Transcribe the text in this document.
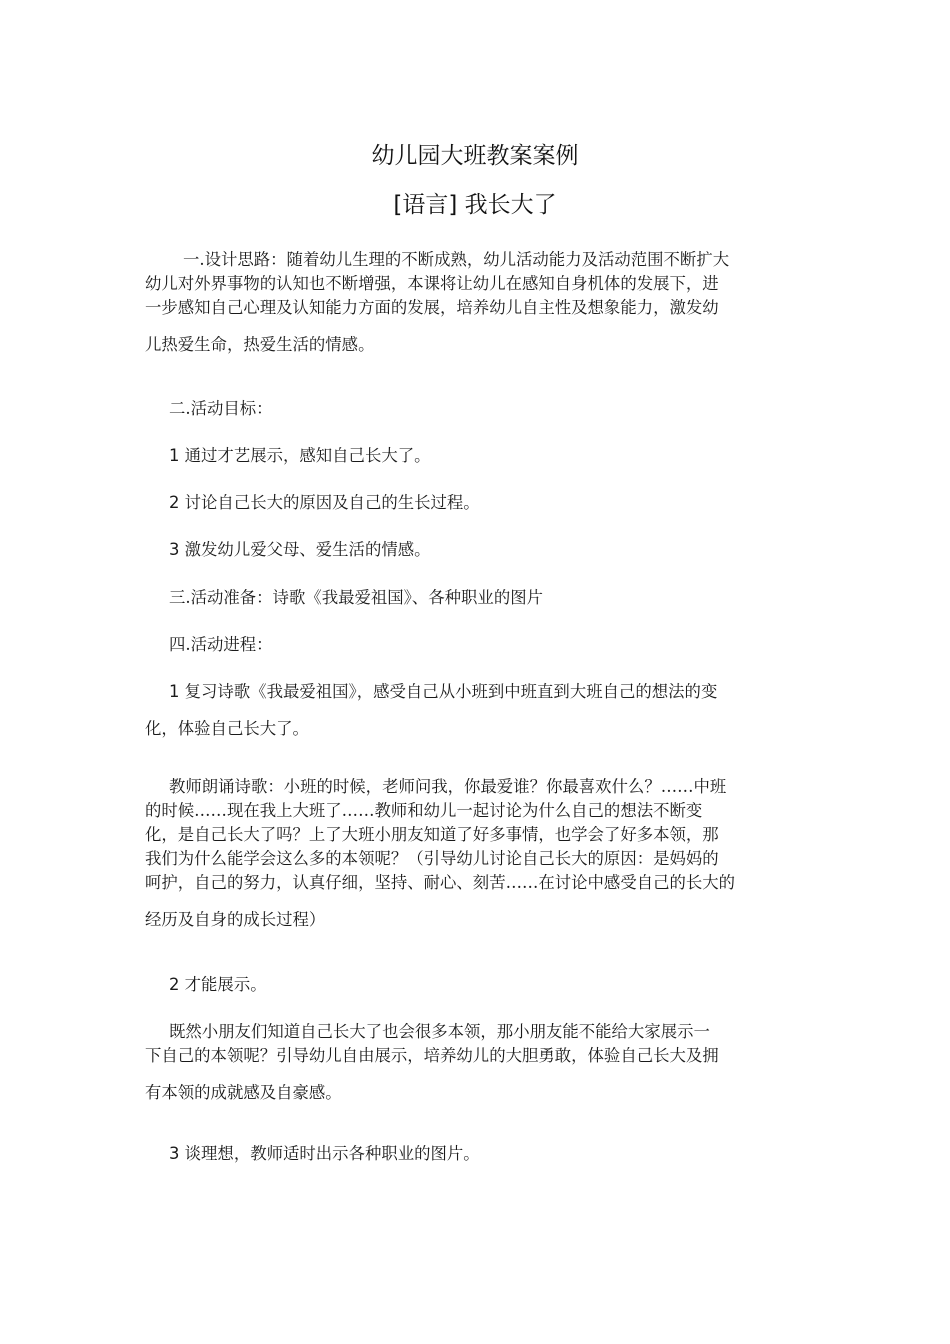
幼儿园大班教案案例
[语言] 我长大了
一.设计思路：随着幼儿生理的不断成熟，幼儿活动能力及活动范围不断扩大
幼儿对外界事物的认知也不断增强，本课将让幼儿在感知自身机体的发展下，进
一步感知自己心理及认知能力方面的发展，培养幼儿自主性及想象能力，激发幼
儿热爱生命，热爱生活的情感。
二.活动目标：
1 通过才艺展示，感知自己长大了。
2 讨论自己长大的原因及自己的生长过程。
3 激发幼儿爱父母、爱生活的情感。
三.活动准备：诗歌《我最爱祖国》、各种职业的图片
四.活动进程：
1 复习诗歌《我最爱祖国》，感受自己从小班到中班直到大班自己的想法的变
化，体验自己长大了。
教师朗诵诗歌：小班的时候，老师问我，你最爱谁？你最喜欢什么？……中班
的时候……现在我上大班了……教师和幼儿一起讨论为什么自己的想法不断变
化，是自己长大了吗？上了大班小朋友知道了好多事情，也学会了好多本领，那
我们为什么能学会这么多的本领呢？（引导幼儿讨论自己长大的原因：是妈妈的
呵护，自己的努力，认真仔细，坚持、耐心、刻苦……在讨论中感受自己的长大的
经历及自身的成长过程）
2 才能展示。
既然小朋友们知道自己长大了也会很多本领，那小朋友能不能给大家展示一
下自己的本领呢？引导幼儿自由展示，培养幼儿的大胆勇敢，体验自己长大及拥
有本领的成就感及自豪感。
3 谈理想，教师适时出示各种职业的图片。
